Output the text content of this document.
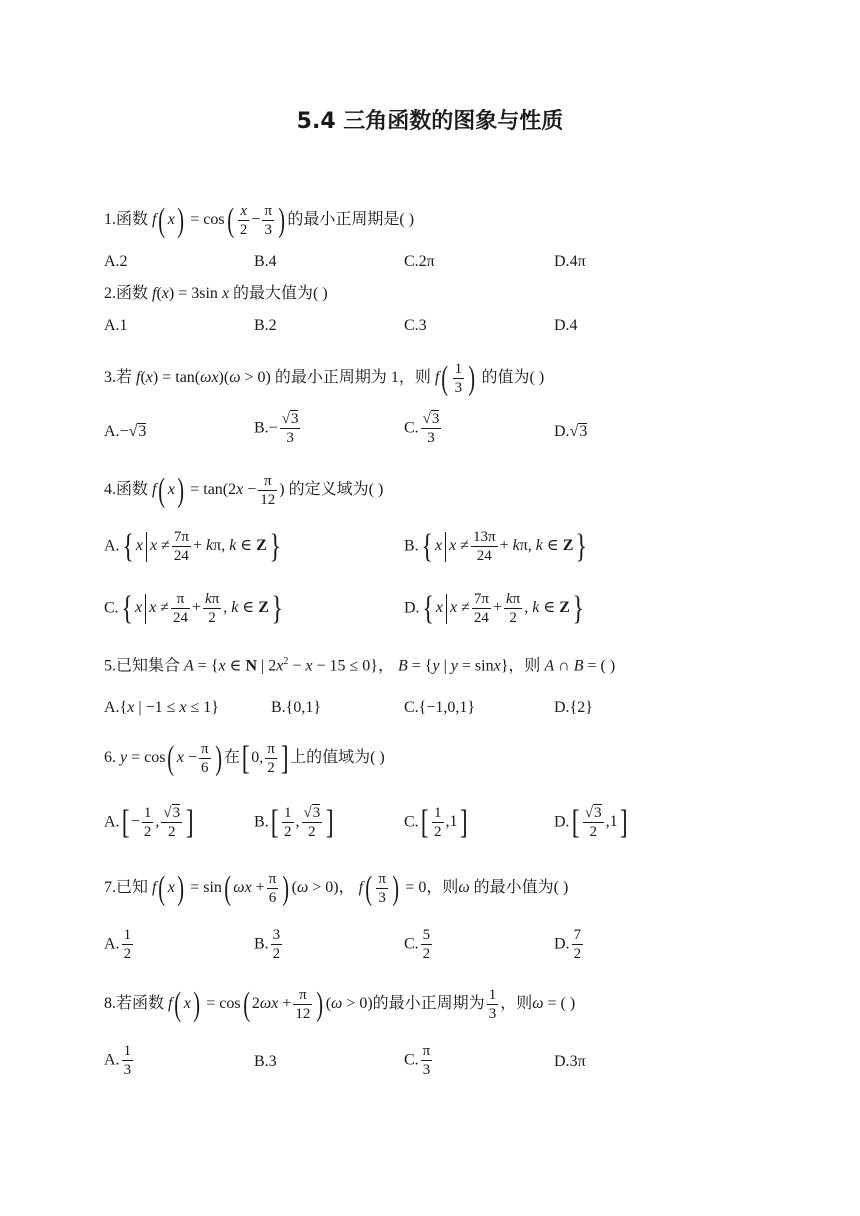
5.4 三角函数的图象与性质
1.函数 f( $x) = \cos( \frac{x}{2} - \frac{\pi}{3}$ ) 的最小正周期是( )
A.2	B.4	C.2π	D.4π
2.函数 f(x) = 3sin x 的最大值为( )
A.1	B.2	C.3	D.4
3.若 f(x) = tan(ωx)(ω > 0) 的最小正周期为 1，则 $f( \frac{1}{3}$ ) 的值为( )
A.−√3	$B.- \frac{√3}{3}$	C. $\frac{√3}{3}$	D.√3
4.函数 f( $x) = \tan(2x - \frac{\pi}{12}$ ) 的定义域为( )
A.{ x $x \ne \frac{7\pi}{24} + k\pi$, k ∈ Z}	B.{ x $x \ne \frac{13\pi}{24} + k\pi$, k ∈ Z}
C.{ x $x \ne \frac{\pi}{24} + \frac{k\pi}{2}$ , k ∈ Z}	D.{ x $x \ne \frac{7\pi}{24} + \frac{k\pi}{2}$ , k ∈ Z}
5.已知集合 A = {x ∈ N | $2x^2 - x - 15 \le 0$}， B = {y | y = sinx}，则 A ∩ B = ( )
A.{x | −1 ≤ x ≤ 1}	B.{0,1}	C.{−1,0,1}	D.{2}
6. y = cos( $x - \frac{\pi}{6}$ ) 在[ 0, $\frac{\pi}{2}$ ] 上的值域为( )
$A.[ - \frac{1}{2}$ , $\frac{√3}{2}$ ]	$B.[ \frac{1}{2}$ , $\frac{√3}{2}$ ]	$C.[ \frac{1}{2} ,1]$	$D.[ \frac{√3}{2} ,1]$
7.已知 f( x) = sin( $\omega x + \frac{\pi}{6}$ ) (ω > 0)， $f( \frac{\pi}{3}$ ) = 0，则ω 的最小值为( )
A. $\frac{1}{2}$	B. $\frac{3}{2}$	C. $\frac{5}{2}$	D. $\frac{7}{2}$
8.若函数 f( x) = cos( $2\omega x + \frac{\pi}{12}$ ) (ω > 0)的最小正周期为 $\frac{1}{3}$ ，则ω = ( )
A. $\frac{1}{3}$	B.3	C. $\frac{\pi}{3}$	D.3π
